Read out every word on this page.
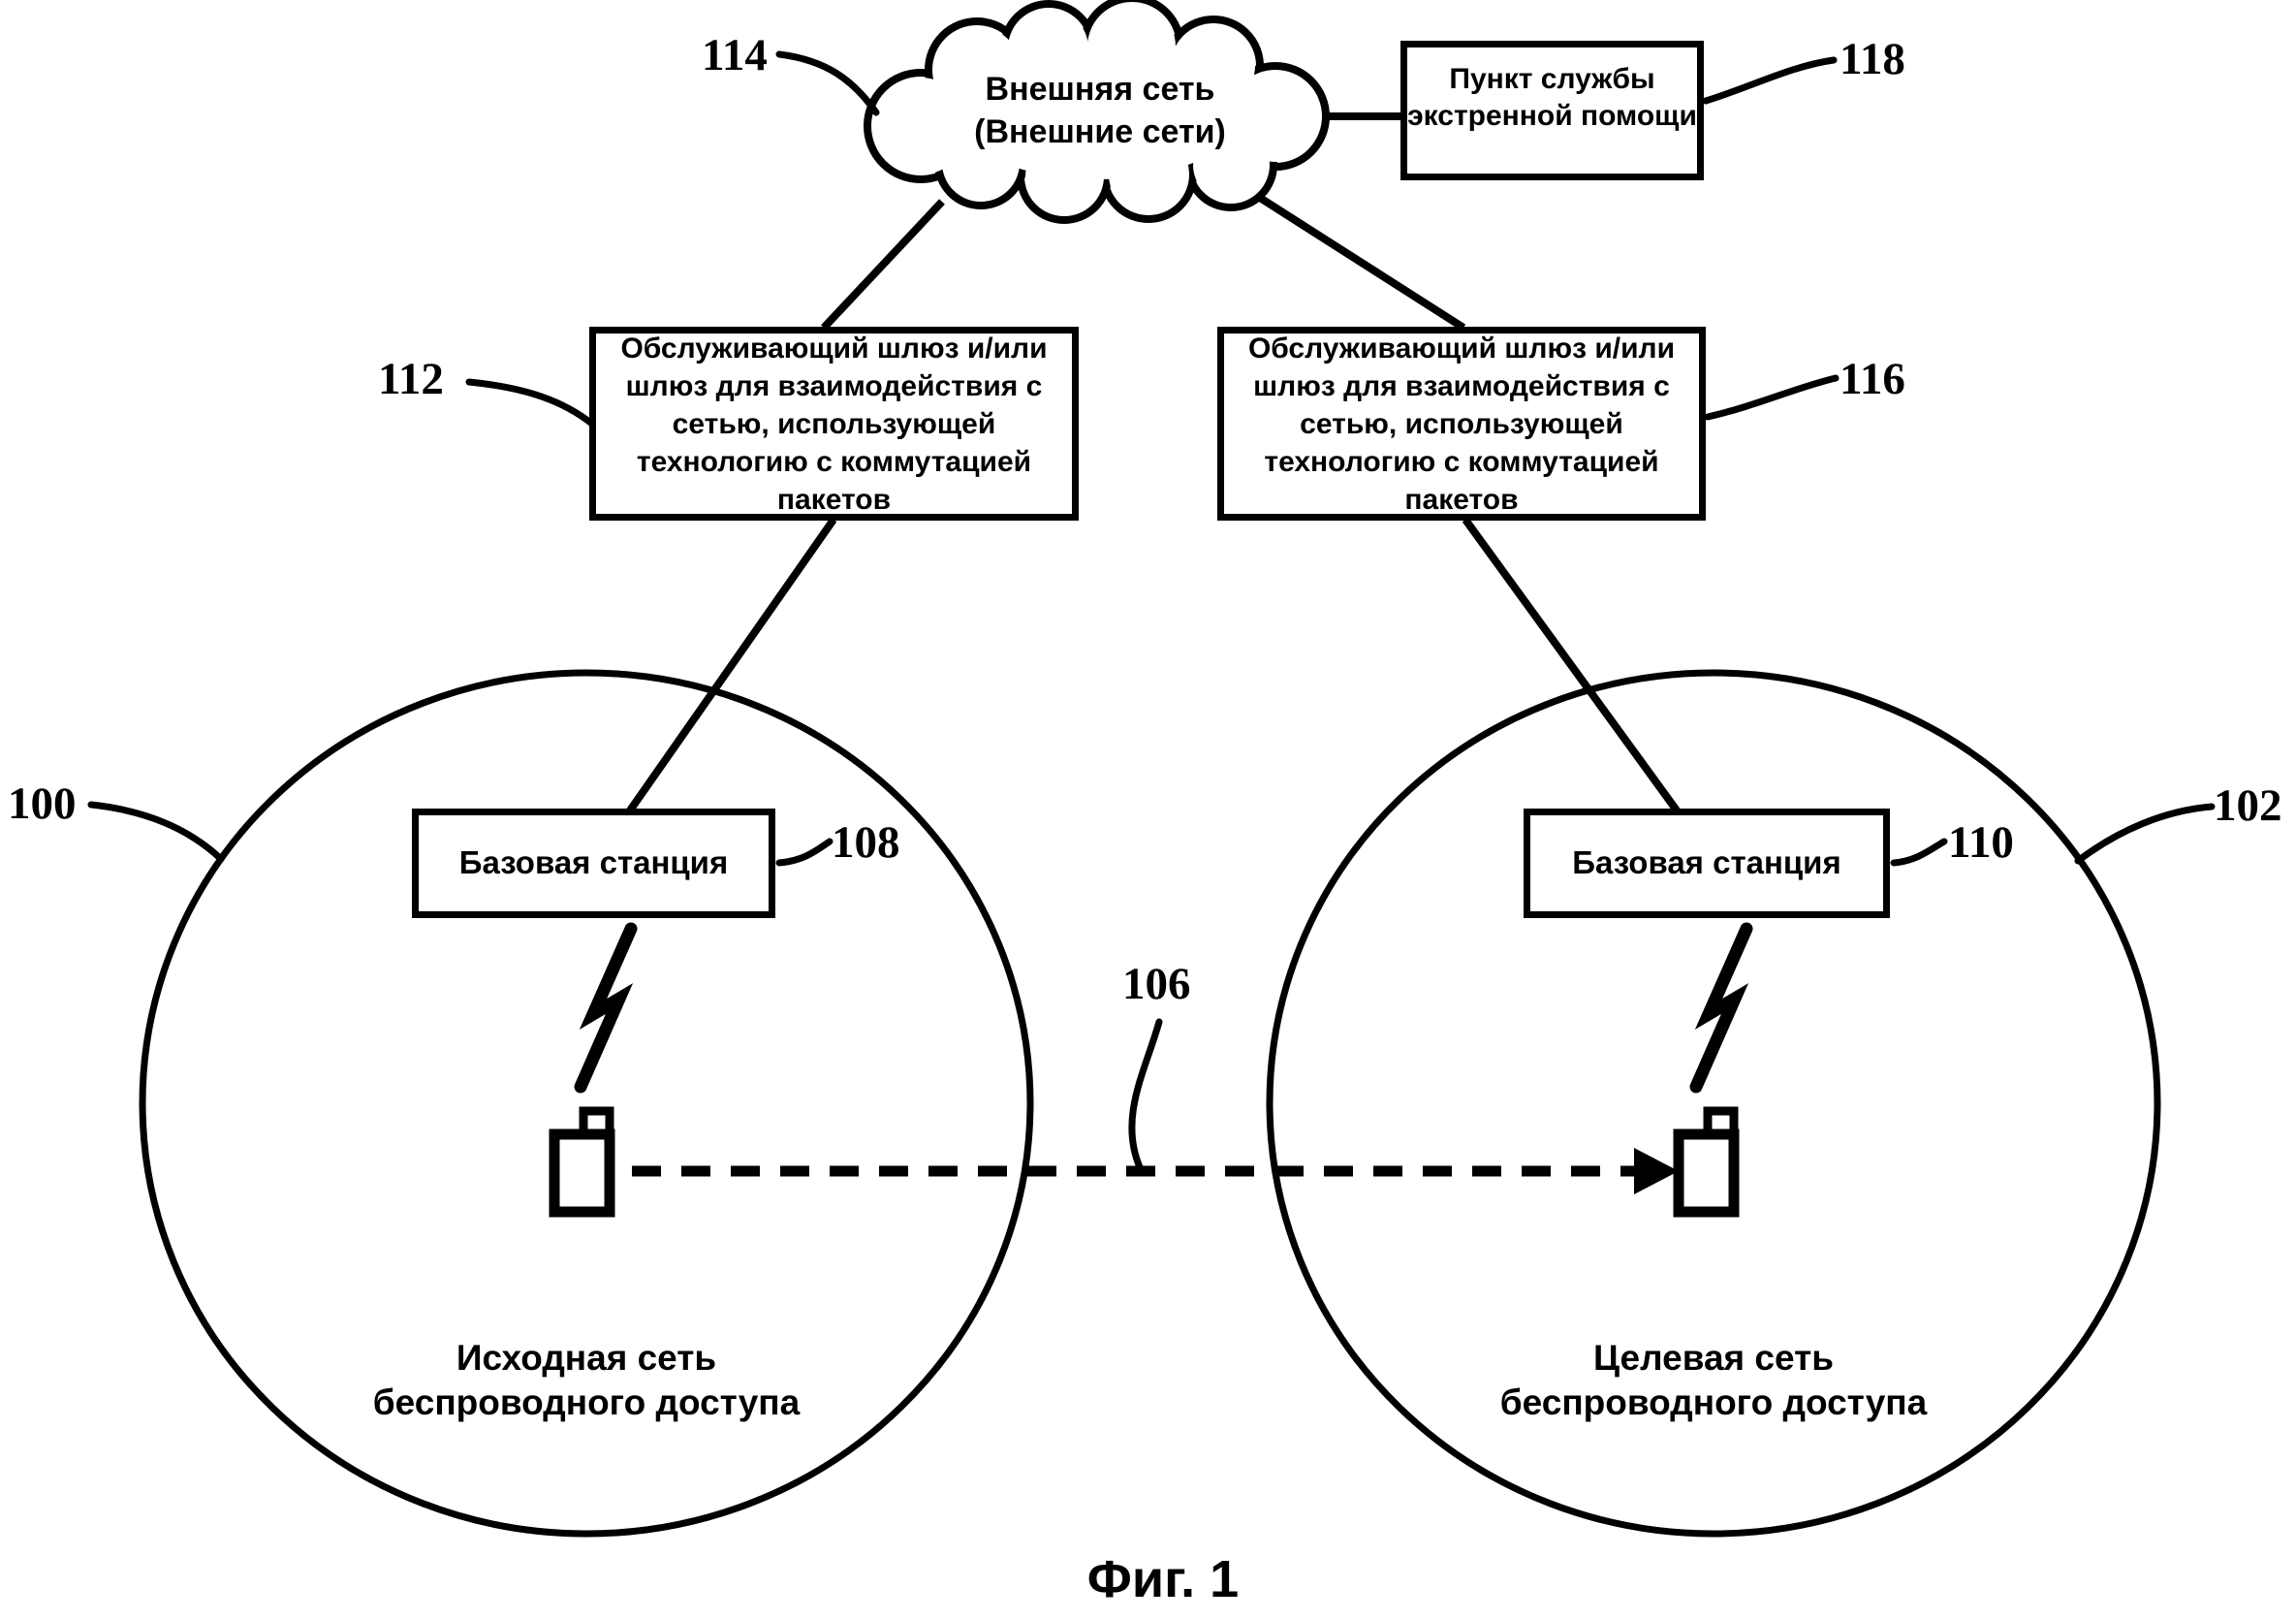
Внешняя сеть
(Внешние сети)
Пункт службы
экстренной помощи
Обслуживающий шлюз и/или
шлюз для взаимодействия с
сетью, использующей
технологию с коммутацией
пакетов
Обслуживающий шлюз и/или
шлюз для взаимодействия с
сетью, использующей
технологию с коммутацией
пакетов
Базовая станция	Базовая станция
Исходная сеть
беспроводного доступа
Целевая сеть
беспроводного доступа
100	102
106
108	110
112
114
116
118
Фиг. 1
